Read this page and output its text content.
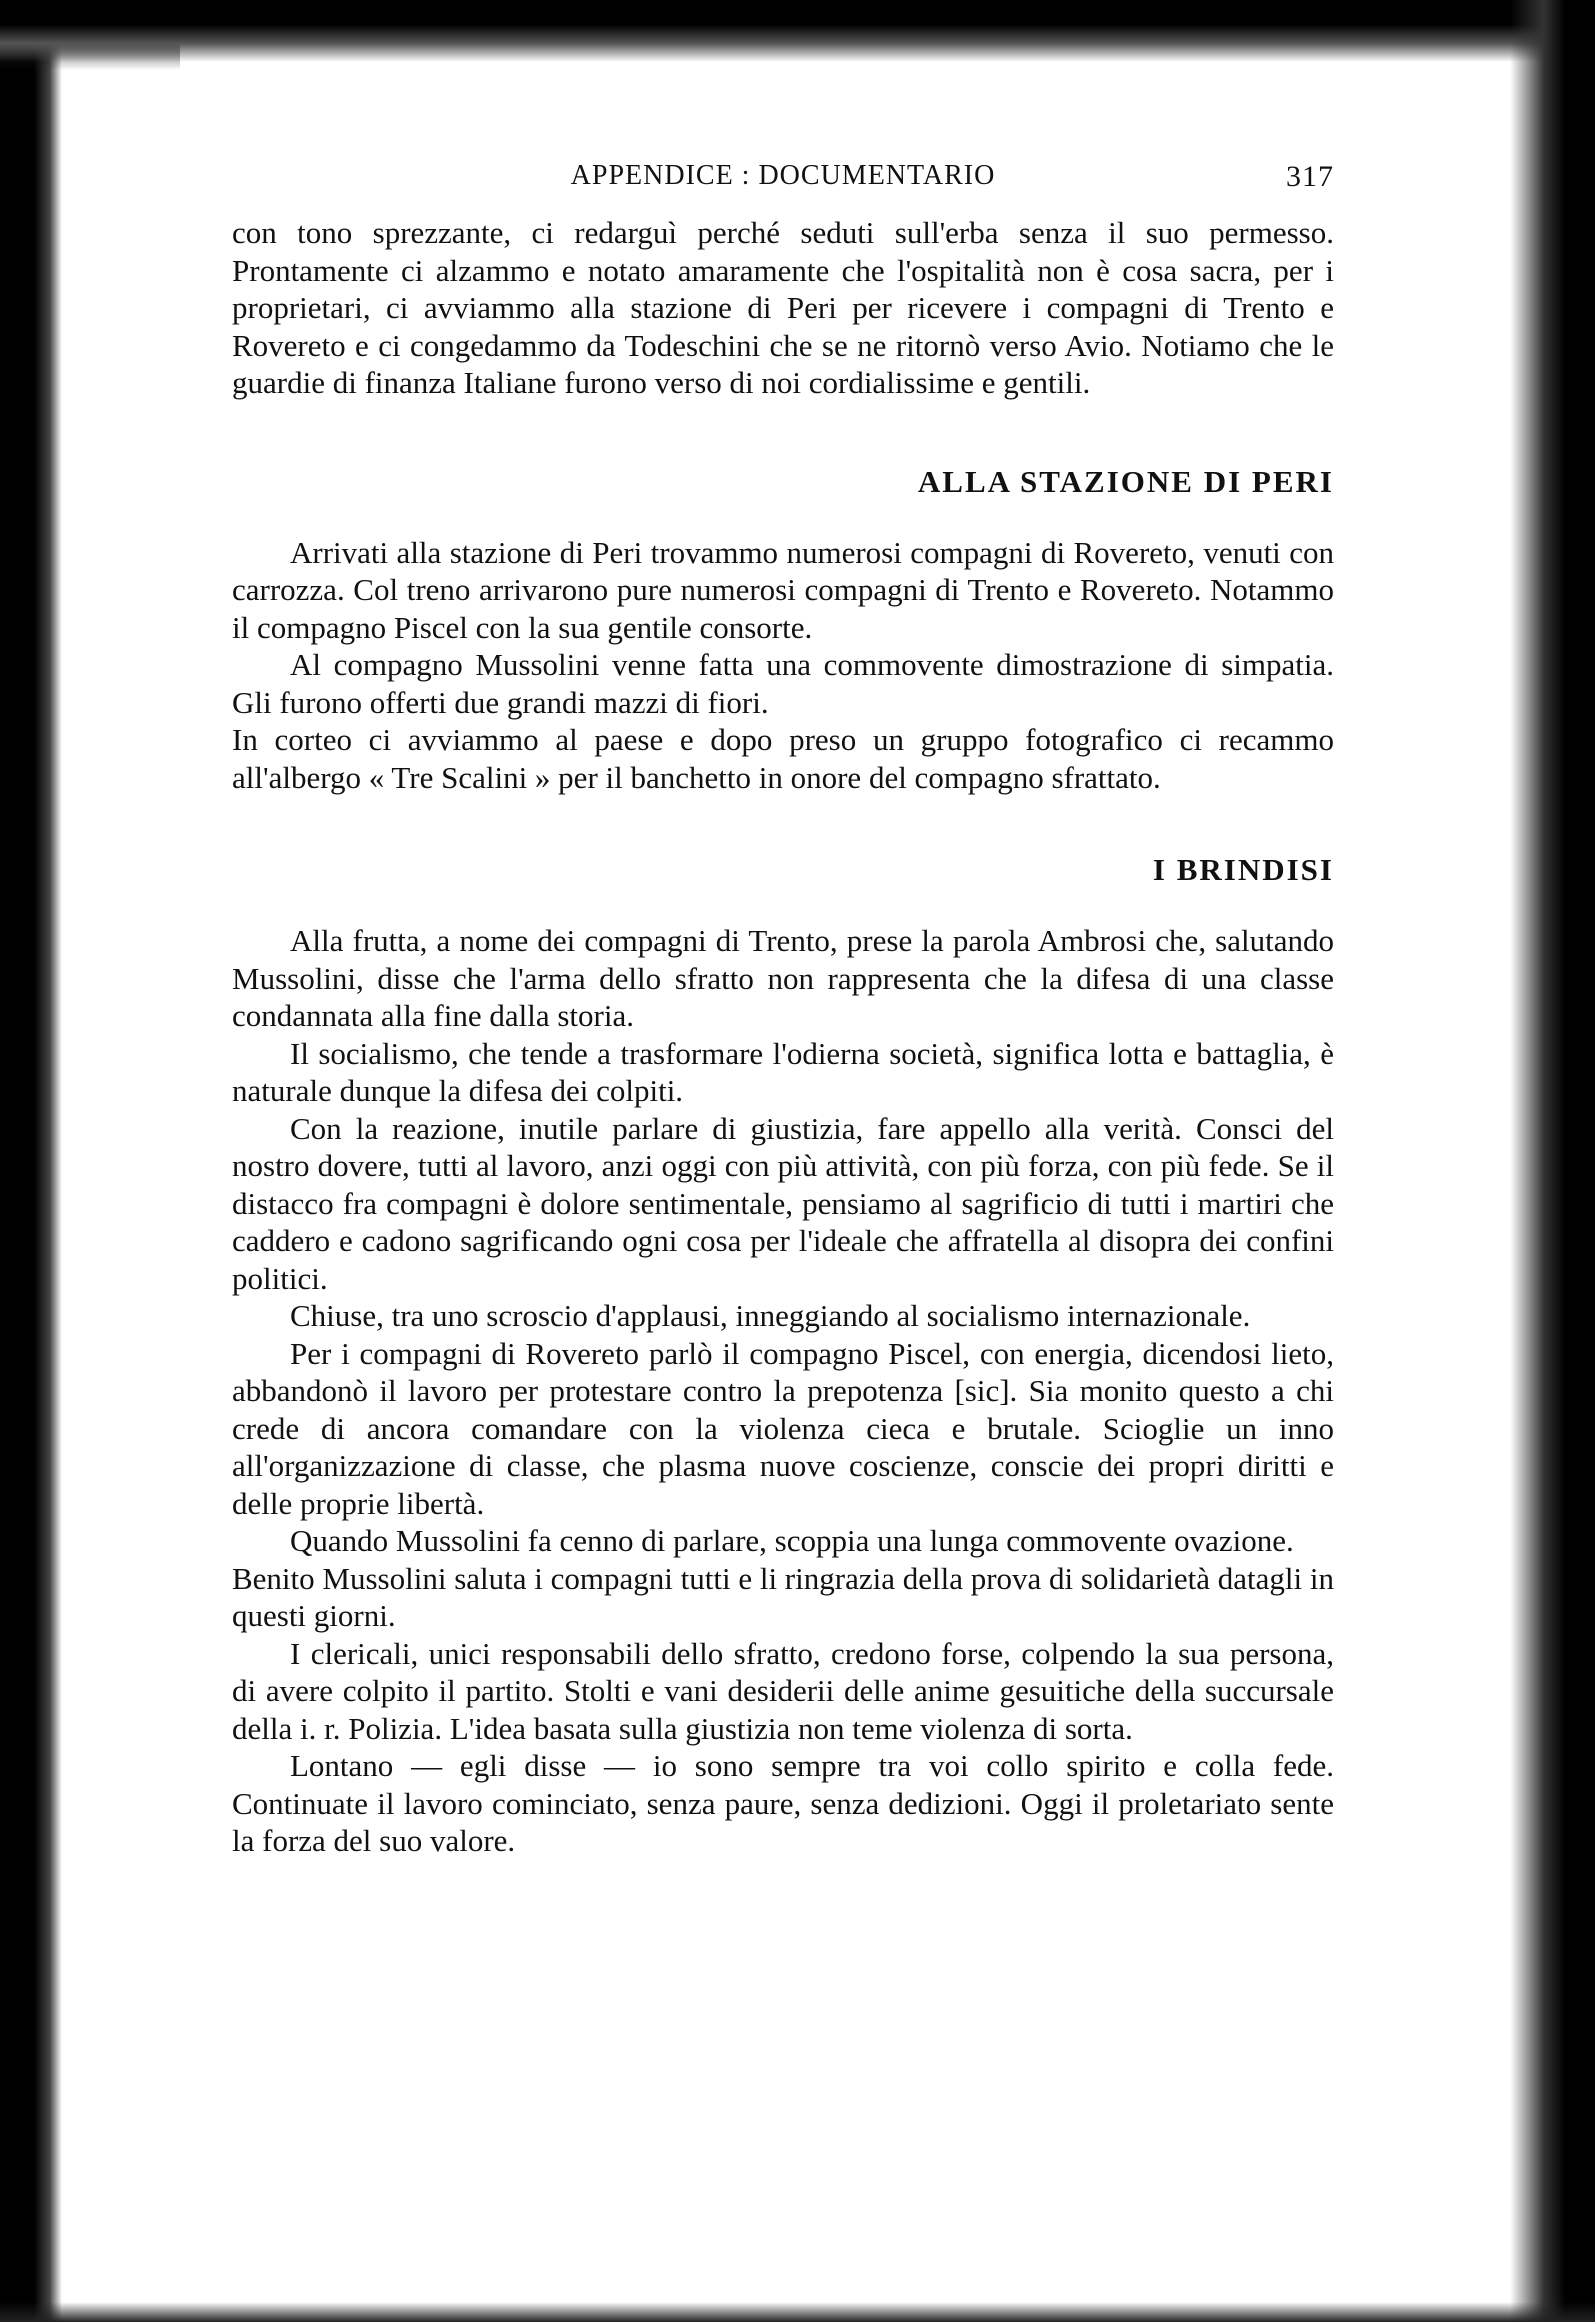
APPENDICE : DOCUMENTARIO	317

con tono sprezzante, ci redarguì perché seduti sull'erba senza il suo permesso. Prontamente ci alzammo e notato amaramente che l'ospitalità non è cosa sacra, per i proprietari, ci avviammo alla stazione di Peri per ricevere i compagni di Trento e Rovereto e ci congedammo da Todeschini che se ne ritornò verso Avio. Notiamo che le guardie di finanza Italiane furono verso di noi cordialissime e gentili.

ALLA STAZIONE DI PERI

Arrivati alla stazione di Peri trovammo numerosi compagni di Rovereto, venuti con carrozza. Col treno arrivarono pure numerosi compagni di Trento e Rovereto. Notammo il compagno Piscel con la sua gentile consorte.

Al compagno Mussolini venne fatta una commovente dimostrazione di simpatia. Gli furono offerti due grandi mazzi di fiori.

In corteo ci avviammo al paese e dopo preso un gruppo fotografico ci recammo all'albergo « Tre Scalini » per il banchetto in onore del compagno sfrattato.

I BRINDISI

Alla frutta, a nome dei compagni di Trento, prese la parola Ambrosi che, salutando Mussolini, disse che l'arma dello sfratto non rappresenta che la difesa di una classe condannata alla fine dalla storia.

Il socialismo, che tende a trasformare l'odierna società, significa lotta e battaglia, è naturale dunque la difesa dei colpiti.

Con la reazione, inutile parlare di giustizia, fare appello alla verità. Consci del nostro dovere, tutti al lavoro, anzi oggi con più attività, con più forza, con più fede. Se il distacco fra compagni è dolore sentimentale, pensiamo al sagrificio di tutti i martiri che caddero e cadono sagrificando ogni cosa per l'ideale che affratella al disopra dei confini politici.

Chiuse, tra uno scroscio d'applausi, inneggiando al socialismo internazionale.

Per i compagni di Rovereto parlò il compagno Piscel, con energia, dicendosi lieto, abbandonò il lavoro per protestare contro la prepotenza [sic]. Sia monito questo a chi crede di ancora comandare con la violenza cieca e brutale. Scioglie un inno all'organizzazione di classe, che plasma nuove coscienze, conscie dei propri diritti e delle proprie libertà.

Quando Mussolini fa cenno di parlare, scoppia una lunga commovente ovazione.

Benito Mussolini saluta i compagni tutti e li ringrazia della prova di solidarietà datagli in questi giorni.

I clericali, unici responsabili dello sfratto, credono forse, colpendo la sua persona, di avere colpito il partito. Stolti e vani desiderii delle anime gesuitiche della succursale della i. r. Polizia. L'idea basata sulla giustizia non teme violenza di sorta.

Lontano — egli disse — io sono sempre tra voi collo spirito e colla fede. Continuate il lavoro cominciato, senza paure, senza dedizioni. Oggi il proletariato sente la forza del suo valore.
